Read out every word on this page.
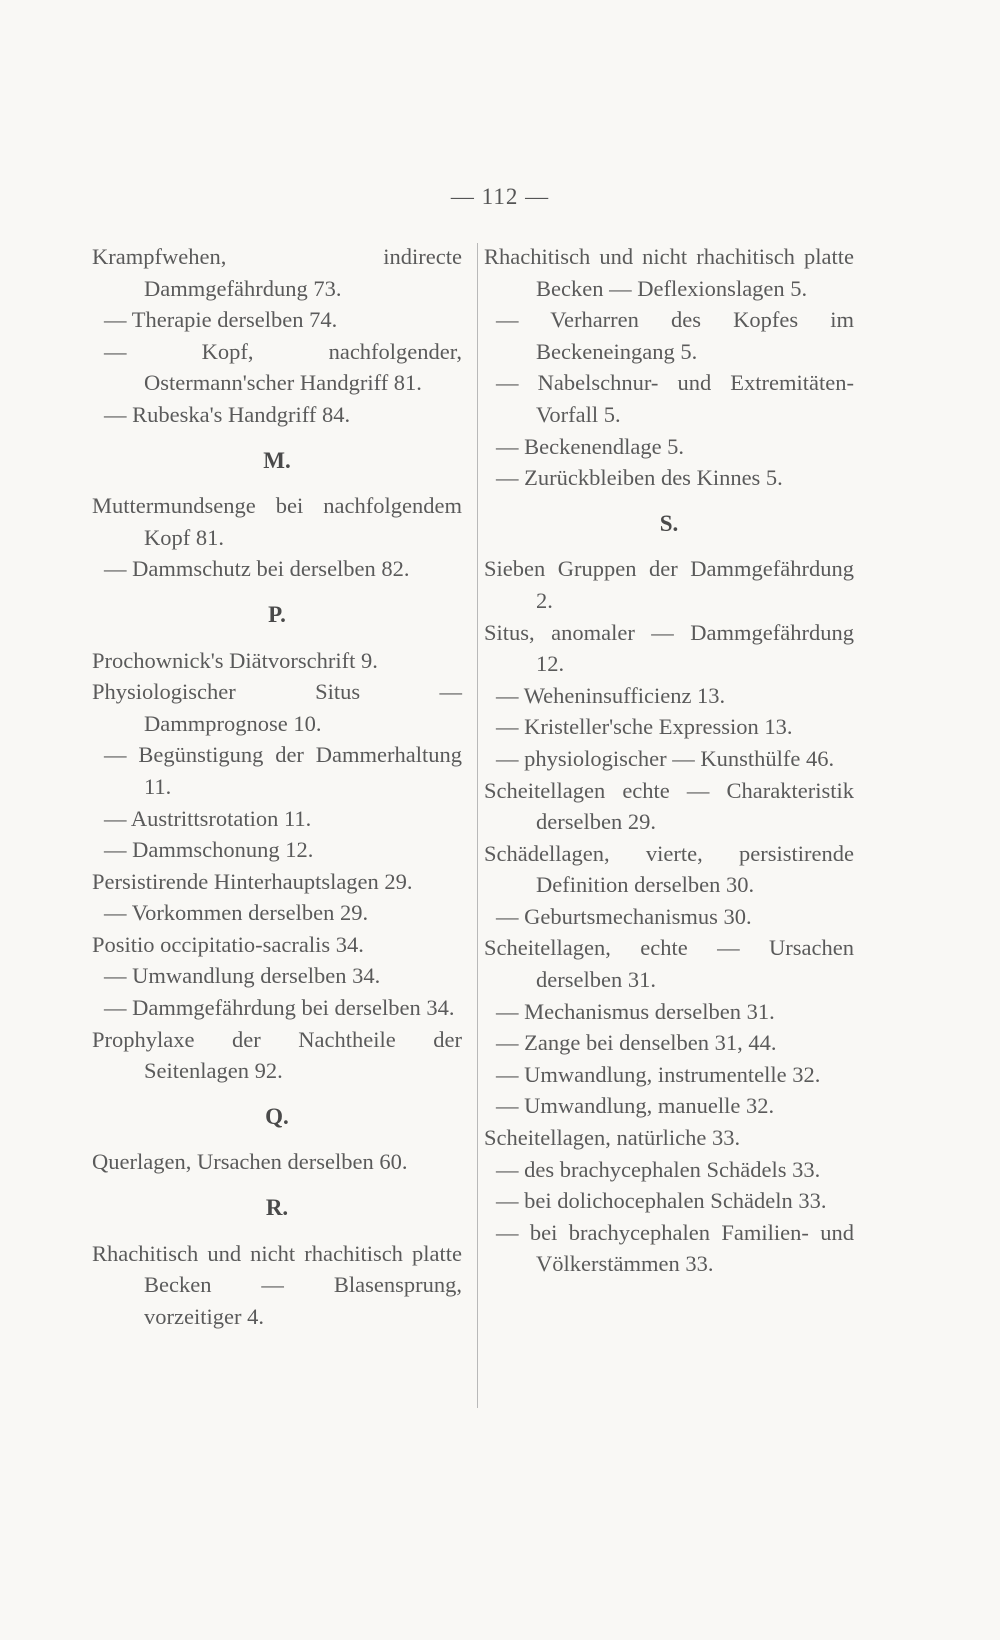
— 112 —
Krampfwehen, indirecte Dammgefährdung 73.
— Therapie derselben 74.
— Kopf, nachfolgender, Ostermann'scher Handgriff 81.
— Rubeska's Handgriff 84.
M.
Muttermundsenge bei nachfolgendem Kopf 81.
— Dammschutz bei derselben 82.
P.
Prochownick's Diätvorschrift 9.
Physiologischer Situs — Dammprognose 10.
— Begünstigung der Dammerhaltung 11.
— Austrittsrotation 11.
— Dammschonung 12.
Persistirende Hinterhauptslagen 29.
— Vorkommen derselben 29.
Positio occipitatio-sacralis 34.
— Umwandlung derselben 34.
— Dammgefährdung bei derselben 34.
Prophylaxe der Nachtheile der Seitenlagen 92.
Q.
Querlagen, Ursachen derselben 60.
R.
Rhachitisch und nicht rhachitisch platte Becken — Blasensprung, vorzeitiger 4.
Rhachitisch und nicht rhachitisch platte Becken — Deflexionslagen 5.
— Verharren des Kopfes im Beckeneingang 5.
— Nabelschnur- und Extremitäten-Vorfall 5.
— Beckenendlage 5.
— Zurückbleiben des Kinnes 5.
S.
Sieben Gruppen der Dammgefährdung 2.
Situs, anomaler — Dammgefährdung 12.
— Weheninsufficienz 13.
— Kristeller'sche Expression 13.
— physiologischer — Kunsthülfe 46.
Scheitellagen echte — Charakteristik derselben 29.
Schädellagen, vierte, persistirende Definition derselben 30.
— Geburtsmechanismus 30.
Scheitellagen, echte — Ursachen derselben 31.
— Mechanismus derselben 31.
— Zange bei denselben 31, 44.
— Umwandlung, instrumentelle 32.
— Umwandlung, manuelle 32.
Scheitellagen, natürliche 33.
— des brachycephalen Schädels 33.
— bei dolichocephalen Schädeln 33.
— bei brachycephalen Familien- und Völkerstämmen 33.
